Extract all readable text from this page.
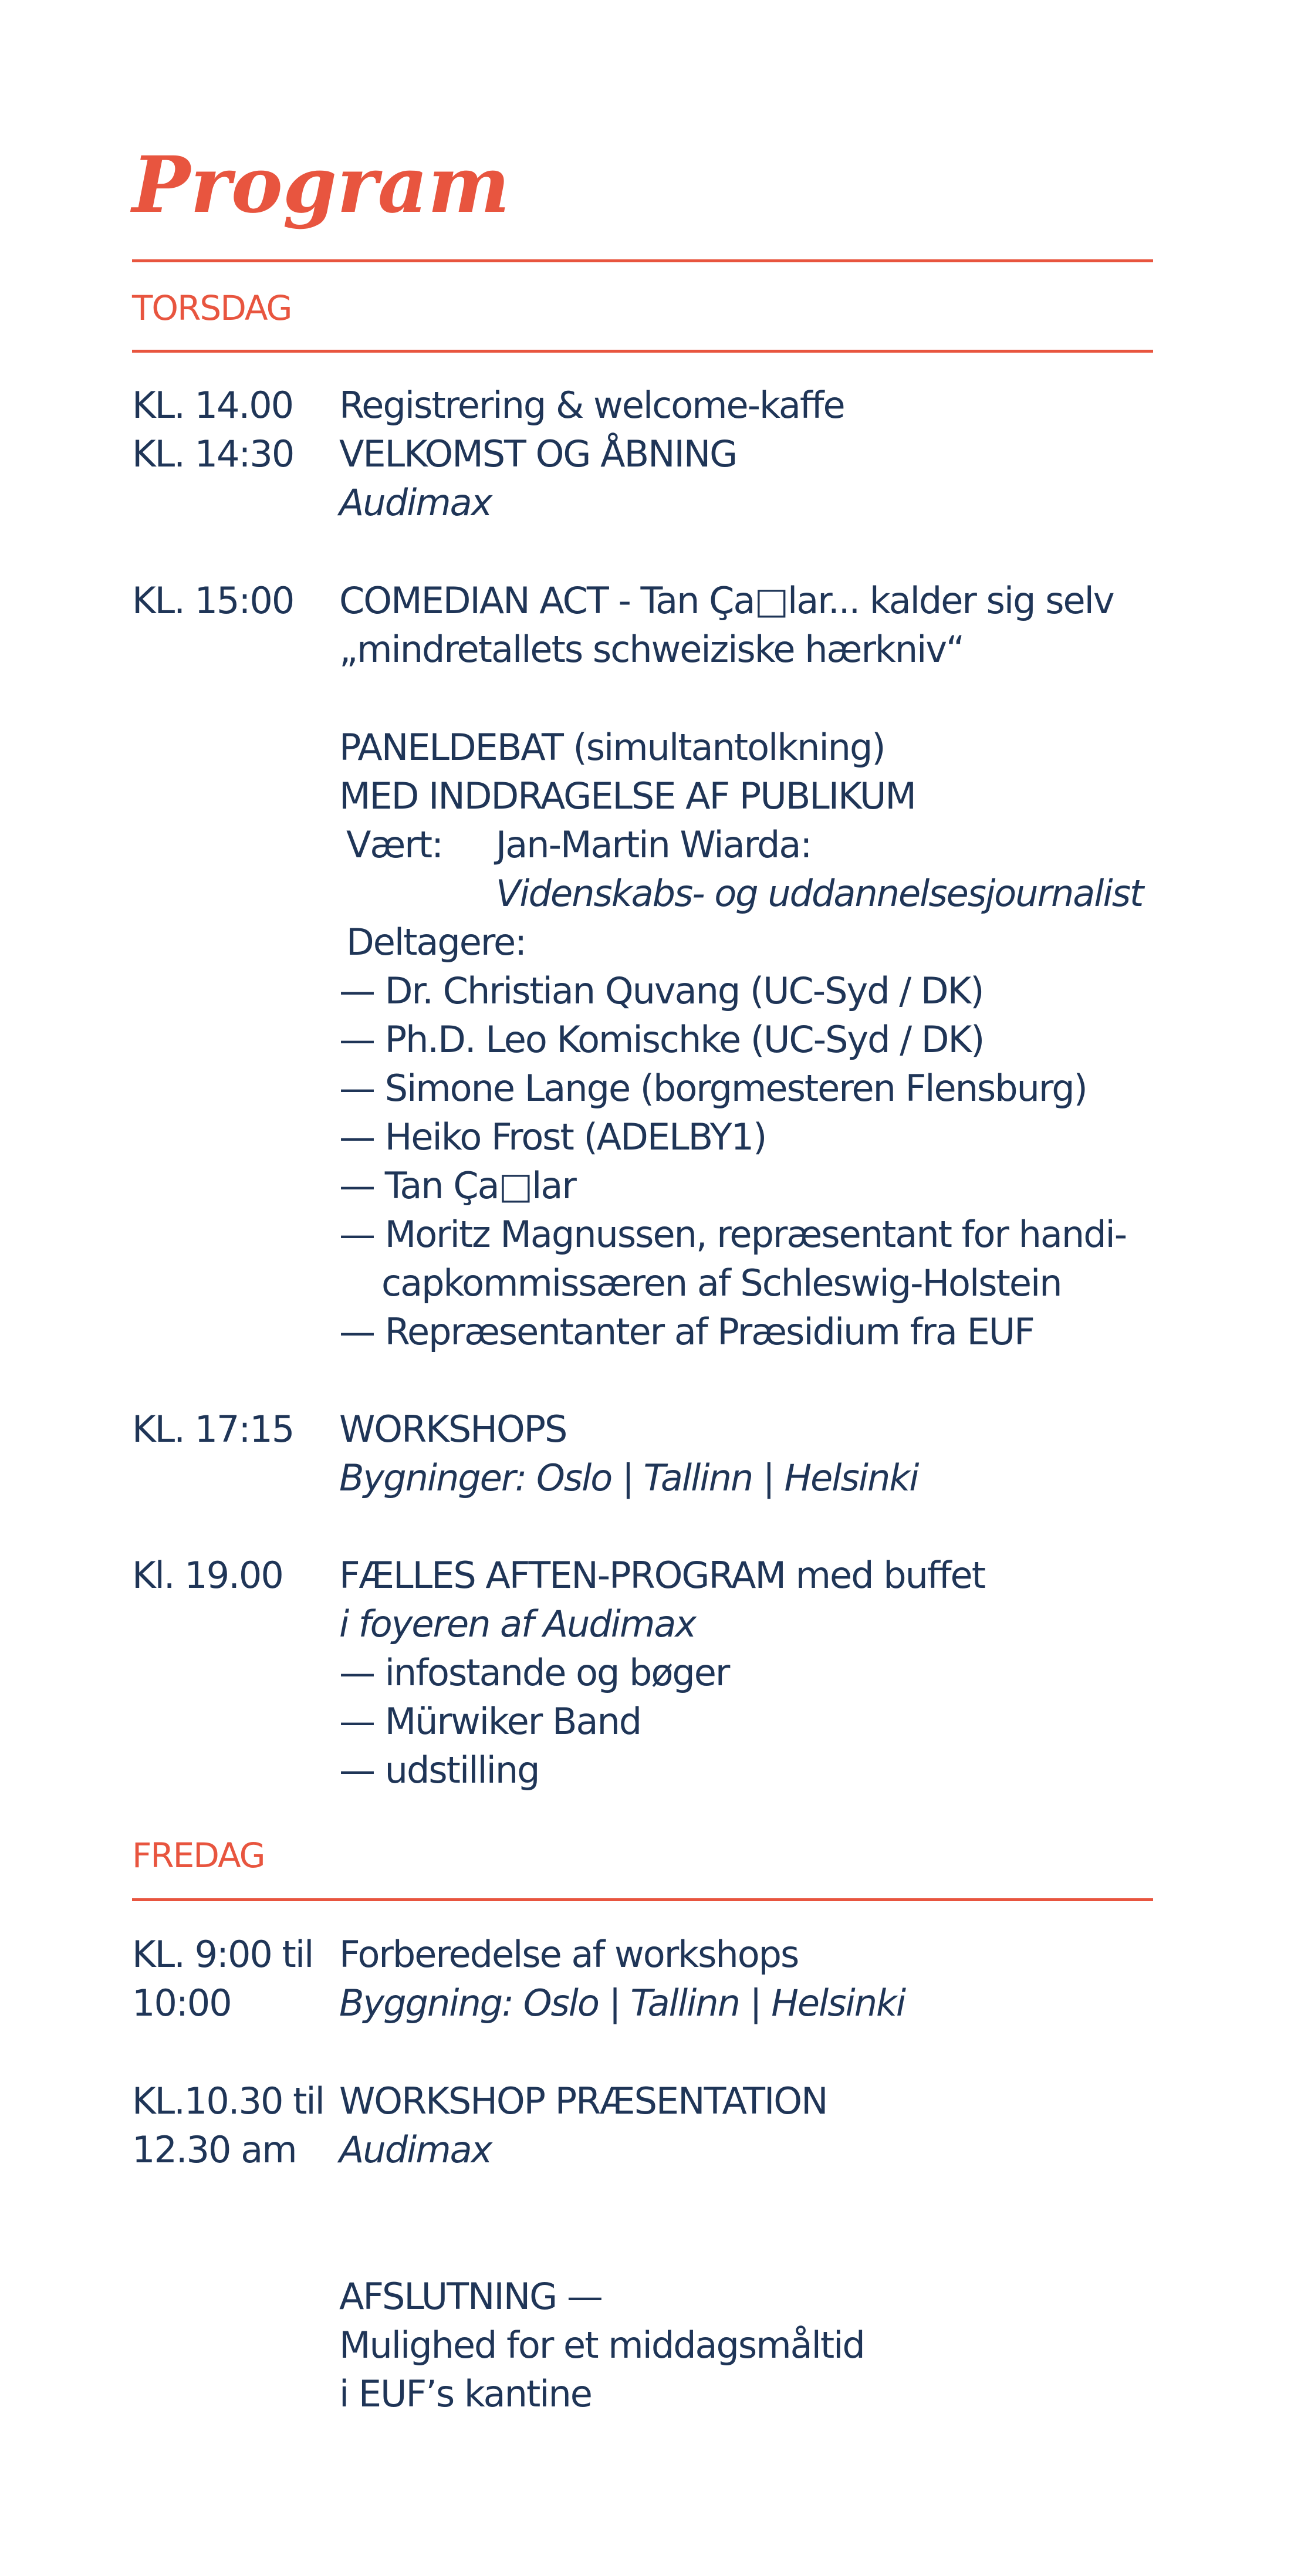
Program
TORSDAG
KL. 14.00 Registrering & welcome-kaffe
KL. 14:30 VELKOMST OG ÅBNING
Audimax
KL. 15:00 COMEDIAN ACT - Tan Ça□lar... kalder sig selv
„mindretallets schweiziske hærkniv“
PANELDEBAT (simultantolkning)
MED INDDRAGELSE AF PUBLIKUM
Vært: Jan-Martin Wiarda:
Videnskabs- og uddannelsesjournalist
Deltagere:
— Dr. Christian Quvang (UC-Syd / DK)
— Ph.D. Leo Komischke (UC-Syd / DK)
— Simone Lange (borgmesteren Flensburg)
— Heiko Frost (ADELBY1)
— Tan Ça□lar
— Moritz Magnussen, repræsentant for handi-
capkommissæren af Schleswig-Holstein
— Repræsentanter af Præsidium fra EUF
KL. 17:15 WORKSHOPS
Bygninger: Oslo | Tallinn | Helsinki
Kl. 19.00 FÆLLES AFTEN-PROGRAM med buffet
i foyeren af Audimax
— infostande og bøger
— Mürwiker Band
— udstilling
FREDAG
KL. 9:00 til Forberedelse af workshops
10:00	Byggning: Oslo | Tallinn | Helsinki
KL.10.30 til WORKSHOP PRÆSENTATION
12.30 am Audimax
AFSLUTNING —
Mulighed for et middagsmåltid
i EUF’s kantine
